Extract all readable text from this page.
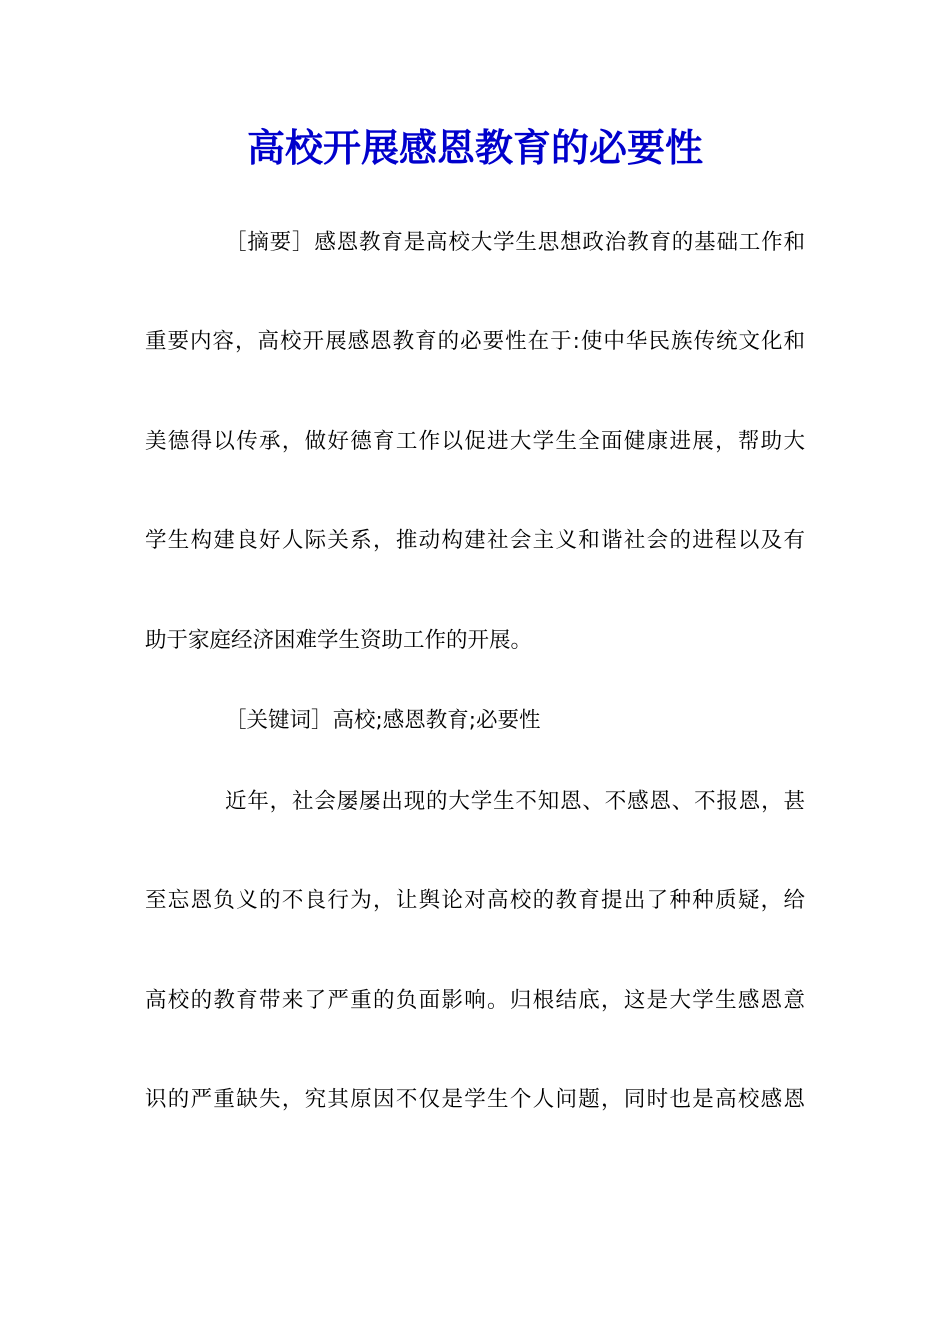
高校开展感恩教育的必要性

［摘要］感恩教育是高校大学生思想政治教育的基础工作和

重要内容，高校开展感恩教育的必要性在于:使中华民族传统文化和

美德得以传承，做好德育工作以促进大学生全面健康进展，帮助大

学生构建良好人际关系，推动构建社会主义和谐社会的进程以及有

助于家庭经济困难学生资助工作的开展。

［关键词］高校;感恩教育;必要性

近年，社会屡屡出现的大学生不知恩、不感恩、不报恩，甚

至忘恩负义的不良行为，让舆论对高校的教育提出了种种质疑，给

高校的教育带来了严重的负面影响。归根结底，这是大学生感恩意

识的严重缺失，究其原因不仅是学生个人问题，同时也是高校感恩
